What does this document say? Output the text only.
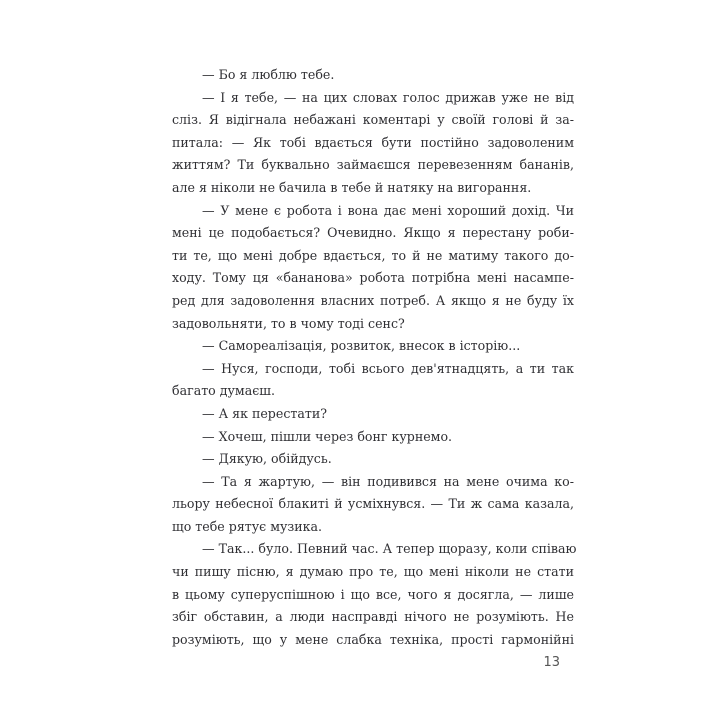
— Бо я люблю тебе.
— І я тебе, — на цих словах голос дрижав уже не від
сліз. Я відігнала небажані коментарі у своїй голові й за-
питала: — Як тобі вдається бути постійно задоволеним
життям? Ти буквально займаєшся перевезенням бананів,
але я ніколи не бачила в тебе й натяку на вигорання.
— У мене є робота і вона дає мені хороший дохід. Чи
мені це подобається? Очевидно. Якщо я перестану роби-
ти те, що мені добре вдається, то й не матиму такого до-
ходу. Тому ця «бананова» робота потрібна мені насампе-
ред для задоволення власних потреб. А якщо я не буду їх
задовольняти, то в чому тоді сенс?
— Самореалізація, розвиток, внесок в історію...
— Нуся, господи, тобі всього дев'ятнадцять, а ти так
багато думаєш.
— А як перестати?
— Хочеш, пішли через бонг курнемо.
— Дякую, обійдусь.
— Та я жартую, — він подивився на мене очима ко-
льору небесної блакиті й усміхнувся. — Ти ж сама казала,
що тебе рятує музика.
— Так... було. Певний час. А тепер щоразу, коли співаю
чи пишу пісню, я думаю про те, що мені ніколи не стати
в цьому суперуспішною і що все, чого я досягла, — лише
збіг обставин, а люди насправді нічого не розуміють. Не
розуміють, що у мене слабка техніка, прості гармонійні
13
